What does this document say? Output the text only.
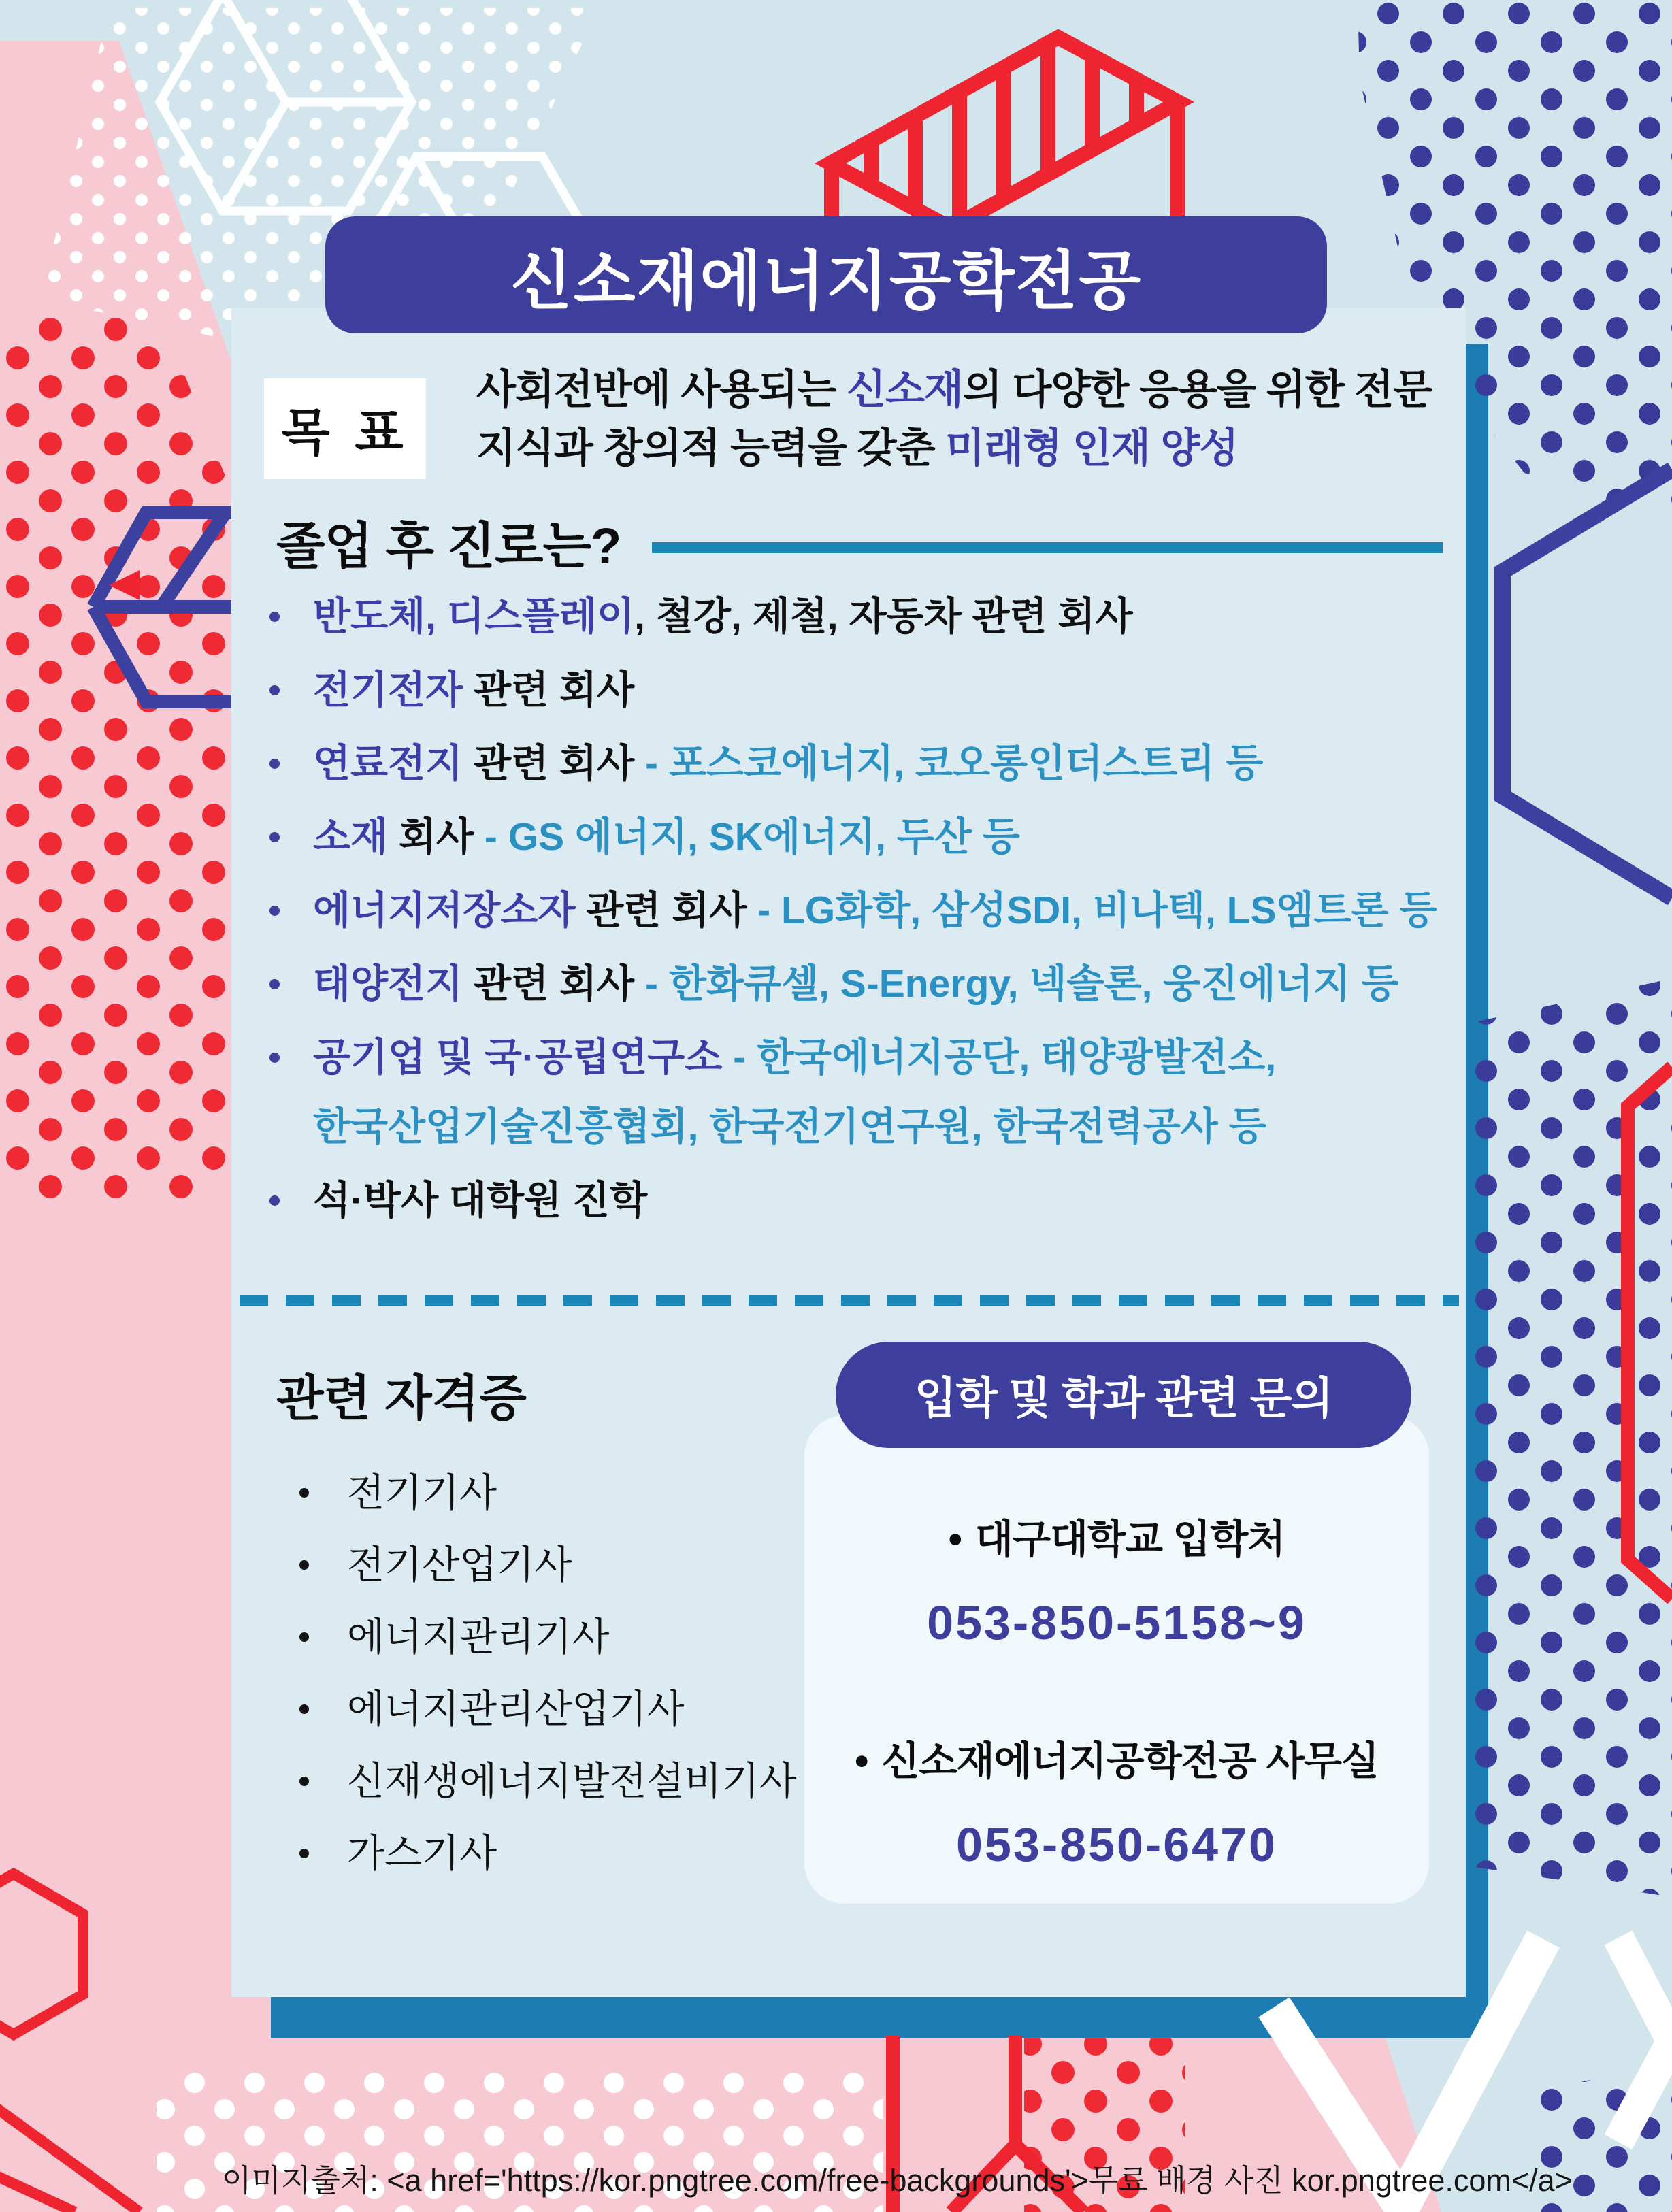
목 표
사회전반에 사용되는 신소재의 다양한 응용을 위한 전문
지식과 창의적 능력을 갖춘 미래형 인재 양성
졸업 후 진로는?
반도체, 디스플레이, 철강, 제철, 자동차 관련 회사
전기전자 관련 회사
연료전지 관련 회사 - 포스코에너지, 코오롱인더스트리 등
소재 회사 - GS 에너지, SK에너지, 두산 등
에너지저장소자 관련 회사 - LG화학, 삼성SDI, 비나텍, LS엠트론 등
태양전지 관련 회사 - 한화큐셀, S-Energy, 넥솔론, 웅진에너지 등
공기업 및 국·공립연구소 - 한국에너지공단, 태양광발전소,
한국산업기술진흥협회, 한국전기연구원, 한국전력공사 등
석·박사 대학원 진학
관련 자격증
전기기사
전기산업기사
에너지관리기사
에너지관리산업기사
신재생에너지발전설비기사
가스기사
입학 및 학과 관련 문의
• 대구대학교 입학처
053-850-5158~9
• 신소재에너지공학전공 사무실
053-850-6470
신소재에너지공학전공
이미지출처: <a href='https://kor.pngtree.com/free-backgrounds'>무료 배경 사진 kor.pngtree.com</a>
